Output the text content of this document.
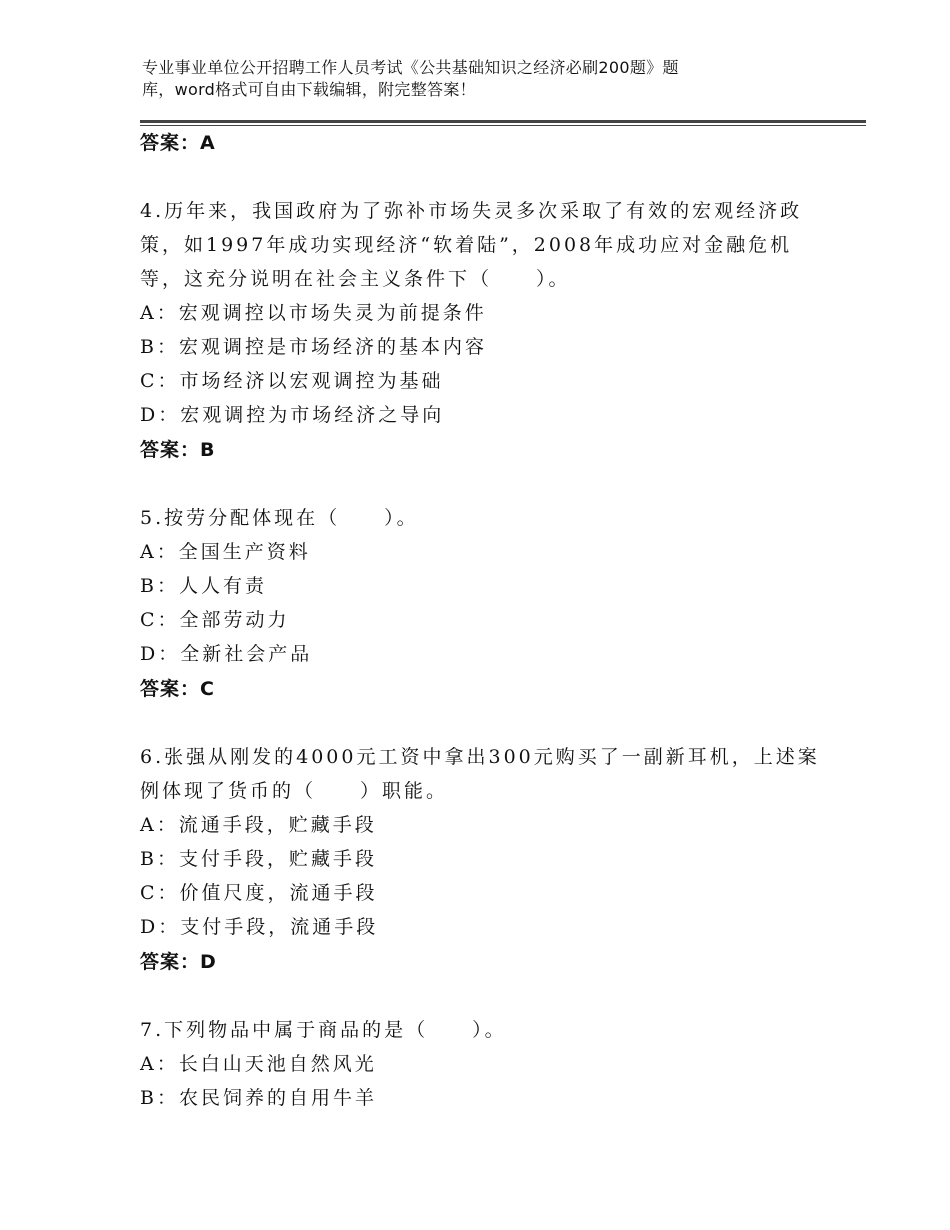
专业事业单位公开招聘工作人员考试《公共基础知识之经济必刷200题》题
库，word格式可自由下载编辑，附完整答案！
答案：A
4.历年来，我国政府为了弥补市场失灵多次采取了有效的宏观经济政
策，如1997年成功实现经济“软着陆”，2008年成功应对金融危机
等，这充分说明在社会主义条件下（　　）。
A：宏观调控以市场失灵为前提条件
B：宏观调控是市场经济的基本内容
C：市场经济以宏观调控为基础
D：宏观调控为市场经济之导向
答案：B
5.按劳分配体现在（　　）。
A：全国生产资料
B：人人有责
C：全部劳动力
D：全新社会产品
答案：C
6.张强从刚发的4000元工资中拿出300元购买了一副新耳机，上述案
例体现了货币的（　　）职能。
A：流通手段，贮藏手段
B：支付手段，贮藏手段
C：价值尺度，流通手段
D：支付手段，流通手段
答案：D
7.下列物品中属于商品的是（　　）。
A：长白山天池自然风光
B：农民饲养的自用牛羊
